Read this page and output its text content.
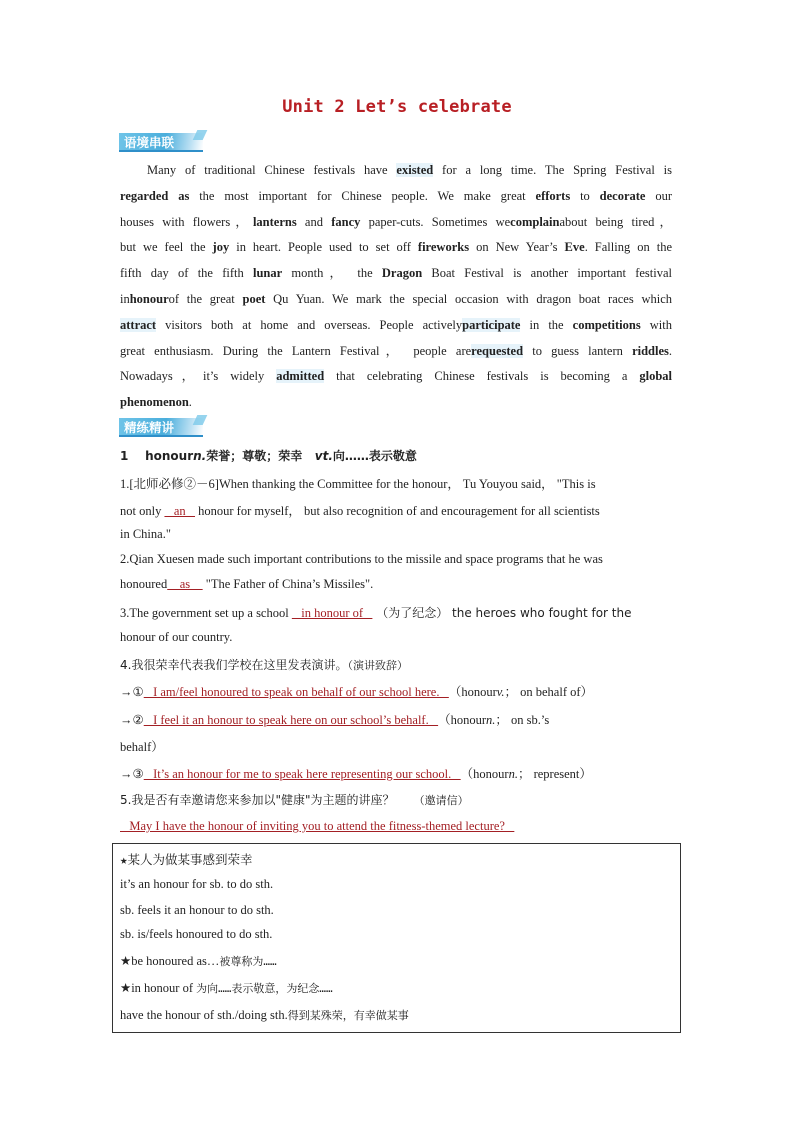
Unit 2 Let’s celebrate
语境串联
Many of traditional Chinese festivals have existed for a long time. The Spring Festival is
regarded as the most important for Chinese people. We make great efforts to decorate our
houses with flowers，lanterns and fancy paper-cuts. Sometimes wecomplainabout being tired，
but we feel the joy in heart. People used to set off fireworks on New Year’s Eve. Falling on the
fifth day of the fifth lunar month， the Dragon Boat Festival is another important festival
inhonourof the great poet Qu Yuan. We mark the special occasion with dragon boat races which
attract visitors both at home and overseas. People activelyparticipate in the competitions with
great enthusiasm. During the Lantern Festival， people arerequested to guess lantern riddles.
Nowadays，it’s widely admitted that celebrating Chinese festivals is becoming a global
phenomenon.
精练精讲
1 honourn.荣誉；尊敬；荣幸 vt.向……表示敬意
1.[北师必修②－6]When thanking the Committee for the honour， Tu Youyou said， "This is
not only    an    honour for myself， but also recognition of and encouragement for all scientists
in China."
2.Qian Xuesen made such important contributions to the missile and space programs that he was
honoured    as     "The Father of China’s Missiles".
3.The government set up a school    in honour of    （为了纪念） the heroes who fought for the
honour of our country.
4.我很荣幸代表我们学校在这里发表演讲。（演讲致辞）
→①   I am/feel honoured to speak on behalf of our school here.   （honourv.； on behalf of）
→②   I feel it an honour to speak here on our school’s behalf.   （honourn.； on sb.’s
behalf）
→③   It’s an honour for me to speak here representing our school.   （honourn.； represent）
5.我是否有幸邀请您来参加以"健康"为主题的讲座？ （邀请信）
May I have the honour of inviting you to attend the fitness-themed lecture?
★某人为做某事感到荣幸
it’s an honour for sb. to do sth.
sb. feels it an honour to do sth.
sb. is/feels honoured to do sth.
★be honoured as…被尊称为……
★in honour of 为向……表示敬意，为纪念……
have the honour of sth./doing sth.得到某殊荣，有幸做某事
